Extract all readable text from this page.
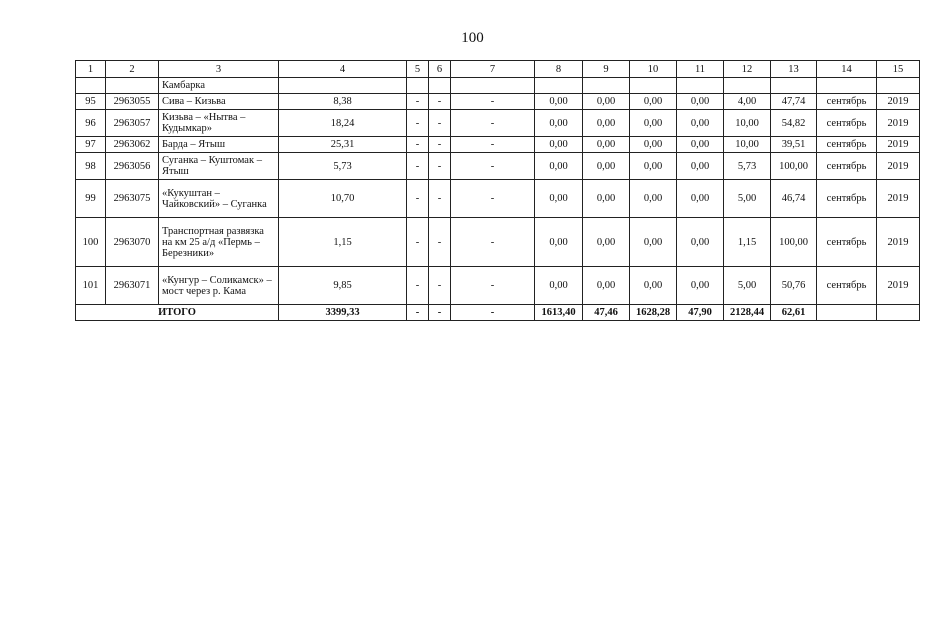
100
1	2	3	4	5	6	7	8	9	10	11	12	13	14	15
		Камбарка												
95	2963055	Сива – Кизьва	8,38	-	-	-	0,00	0,00	0,00	0,00	4,00	47,74	сентябрь	2019
96	2963057	Кизьва – «Нытва – Кудымкар»	18,24	-	-	-	0,00	0,00	0,00	0,00	10,00	54,82	сентябрь	2019
97	2963062	Барда – Ятыш	25,31	-	-	-	0,00	0,00	0,00	0,00	10,00	39,51	сентябрь	2019
98	2963056	Суганка – Куштомак – Ятыш	5,73	-	-	-	0,00	0,00	0,00	0,00	5,73	100,00	сентябрь	2019
99	2963075	«Кукуштан – Чайковский» – Суганка	10,70	-	-	-	0,00	0,00	0,00	0,00	5,00	46,74	сентябрь	2019
100	2963070	Транспортная развязка на км 25 а/д «Пермь – Березники»	1,15	-	-	-	0,00	0,00	0,00	0,00	1,15	100,00	сентябрь	2019
101	2963071	«Кунгур – Соликамск» – мост через р. Кама	9,85	-	-	-	0,00	0,00	0,00	0,00	5,00	50,76	сентябрь	2019
ИТОГО			3399,33	-	-	-	1613,40	47,46	1628,28	47,90	2128,44	62,61		
